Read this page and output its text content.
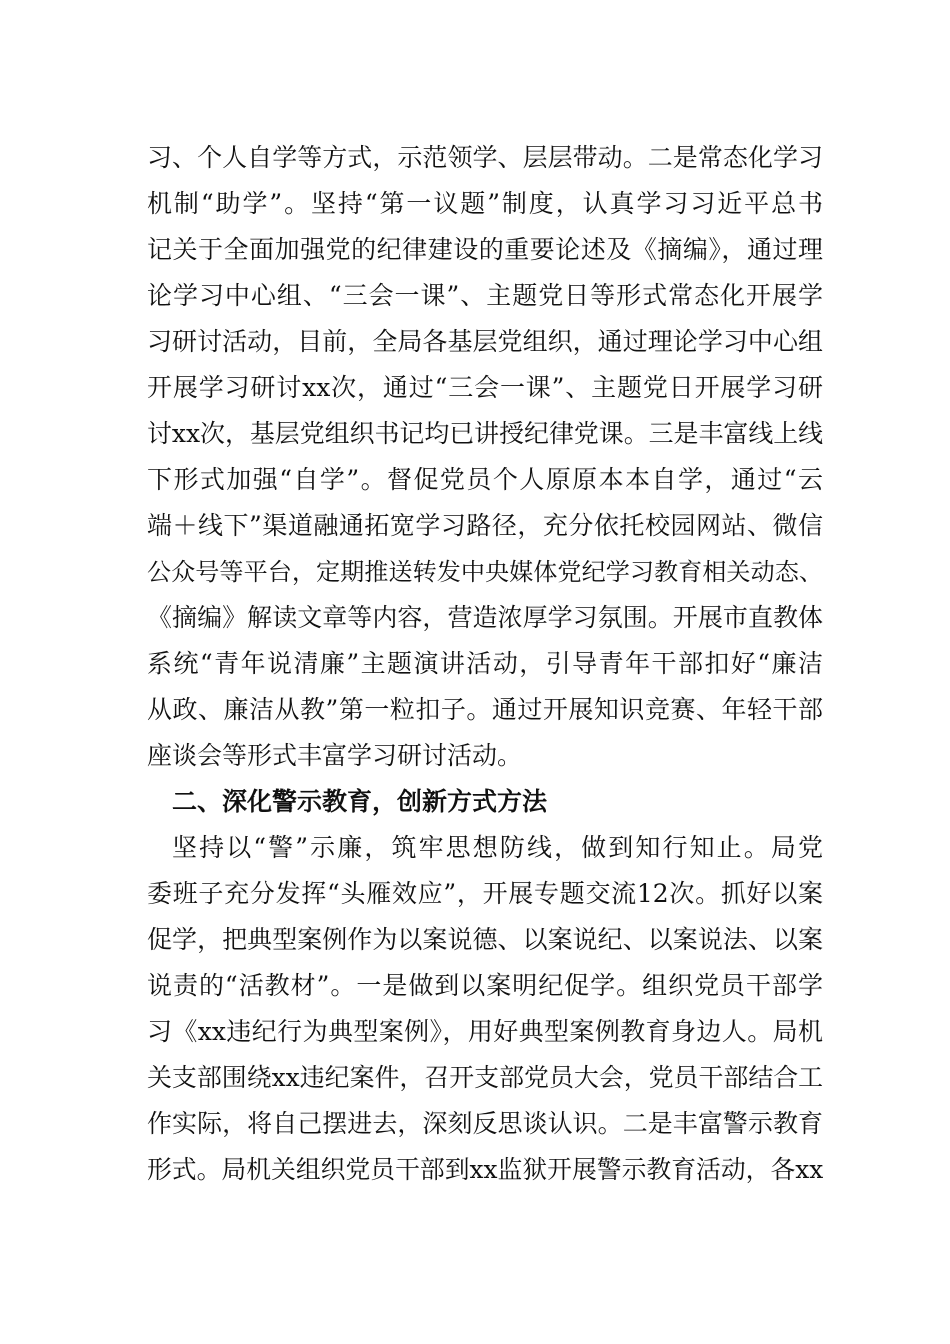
习、个人自学等方式，示范领学、层层带动。二是常态化学习
机制“助学”。坚持“第一议题”制度，认真学习习近平总书
记关于全面加强党的纪律建设的重要论述及《摘编》，通过理
论学习中心组、“三会一课”、主题党日等形式常态化开展学
习研讨活动，目前，全局各基层党组织，通过理论学习中心组
开展学习研讨xx次，通过“三会一课”、主题党日开展学习研
讨xx次，基层党组织书记均已讲授纪律党课。三是丰富线上线
下形式加强“自学”。督促党员个人原原本本自学，通过“云
端＋线下”渠道融通拓宽学习路径，充分依托校园网站、微信
公众号等平台，定期推送转发中央媒体党纪学习教育相关动态、
《摘编》解读文章等内容，营造浓厚学习氛围。开展市直教体
系统“青年说清廉”主题演讲活动，引导青年干部扣好“廉洁
从政、廉洁从教”第一粒扣子。通过开展知识竞赛、年轻干部
座谈会等形式丰富学习研讨活动。
二、深化警示教育，创新方式方法
坚持以“警”示廉，筑牢思想防线，做到知行知止。局党
委班子充分发挥“头雁效应”，开展专题交流12次。抓好以案
促学，把典型案例作为以案说德、以案说纪、以案说法、以案
说责的“活教材”。一是做到以案明纪促学。组织党员干部学
习《xx违纪行为典型案例》，用好典型案例教育身边人。局机
关支部围绕xx违纪案件，召开支部党员大会，党员干部结合工
作实际，将自己摆进去，深刻反思谈认识。二是丰富警示教育
形式。局机关组织党员干部到xx监狱开展警示教育活动，各xx
